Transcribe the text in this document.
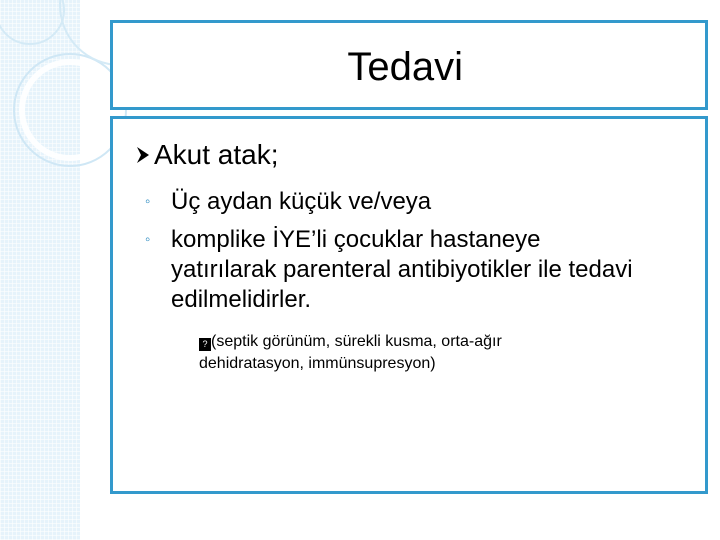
Tedavi
Akut atak;
◦ Üç aydan küçük ve/veya
◦ komplike İYE’li çocuklar hastaneye yatırılarak parenteral antibiyotikler ile tedavi edilmelidirler.
? (septik görünüm, sürekli kusma, orta-ağır dehidratasyon, immünsupresyon)
